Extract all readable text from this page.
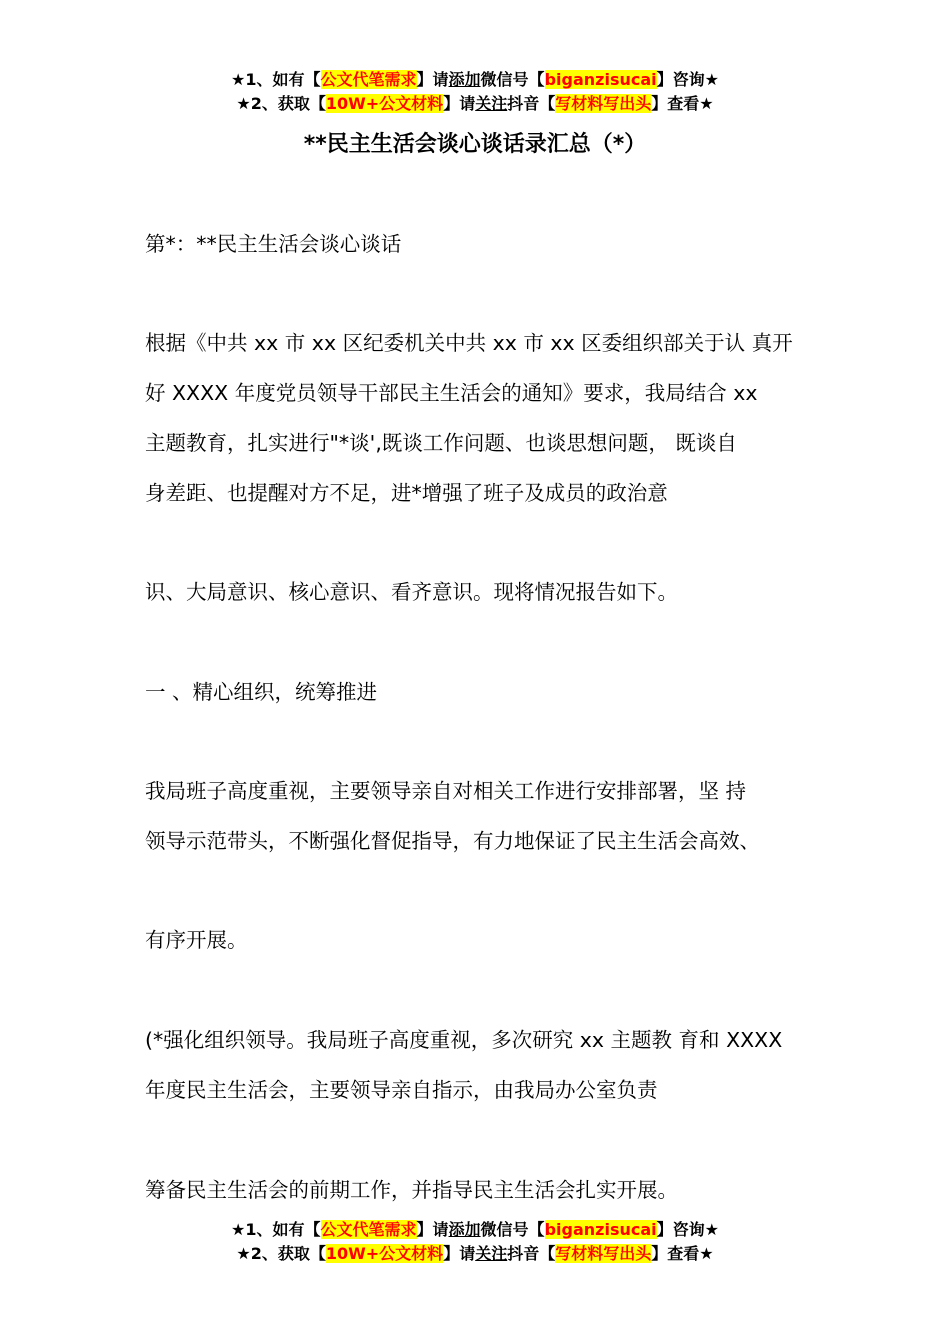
★1、如有【公文代笔需求】请添加微信号【biganzisucai】咨询★
★2、获取【10W+公文材料】请关注抖音【写材料写出头】查看★
**民主生活会谈心谈话录汇总（*）
第*：**民主生活会谈心谈话
根据《中共 xx 市 xx 区纪委机关中共 xx 市 xx 区委组织部关于认 真开
好 XXXX 年度党员领导干部民主生活会的通知》要求，我局结合 xx
主题教育，扎实进行"*谈',既谈工作问题、也谈思想问题， 既谈自
身差距、也提醒对方不足，进*增强了班子及成员的政治意
识、大局意识、核心意识、看齐意识。现将情况报告如下。
一 、精心组织，统筹推进
我局班子高度重视，主要领导亲自对相关工作进行安排部署，坚 持
领导示范带头，不断强化督促指导，有力地保证了民主生活会高效、
有序开展。
(*强化组织领导。我局班子高度重视，多次研究 xx 主题教 育和 XXXX
年度民主生活会，主要领导亲自指示，由我局办公室负责
筹备民主生活会的前期工作，并指导民主生活会扎实开展。
★1、如有【公文代笔需求】请添加微信号【biganzisucai】咨询★
★2、获取【10W+公文材料】请关注抖音【写材料写出头】查看★
